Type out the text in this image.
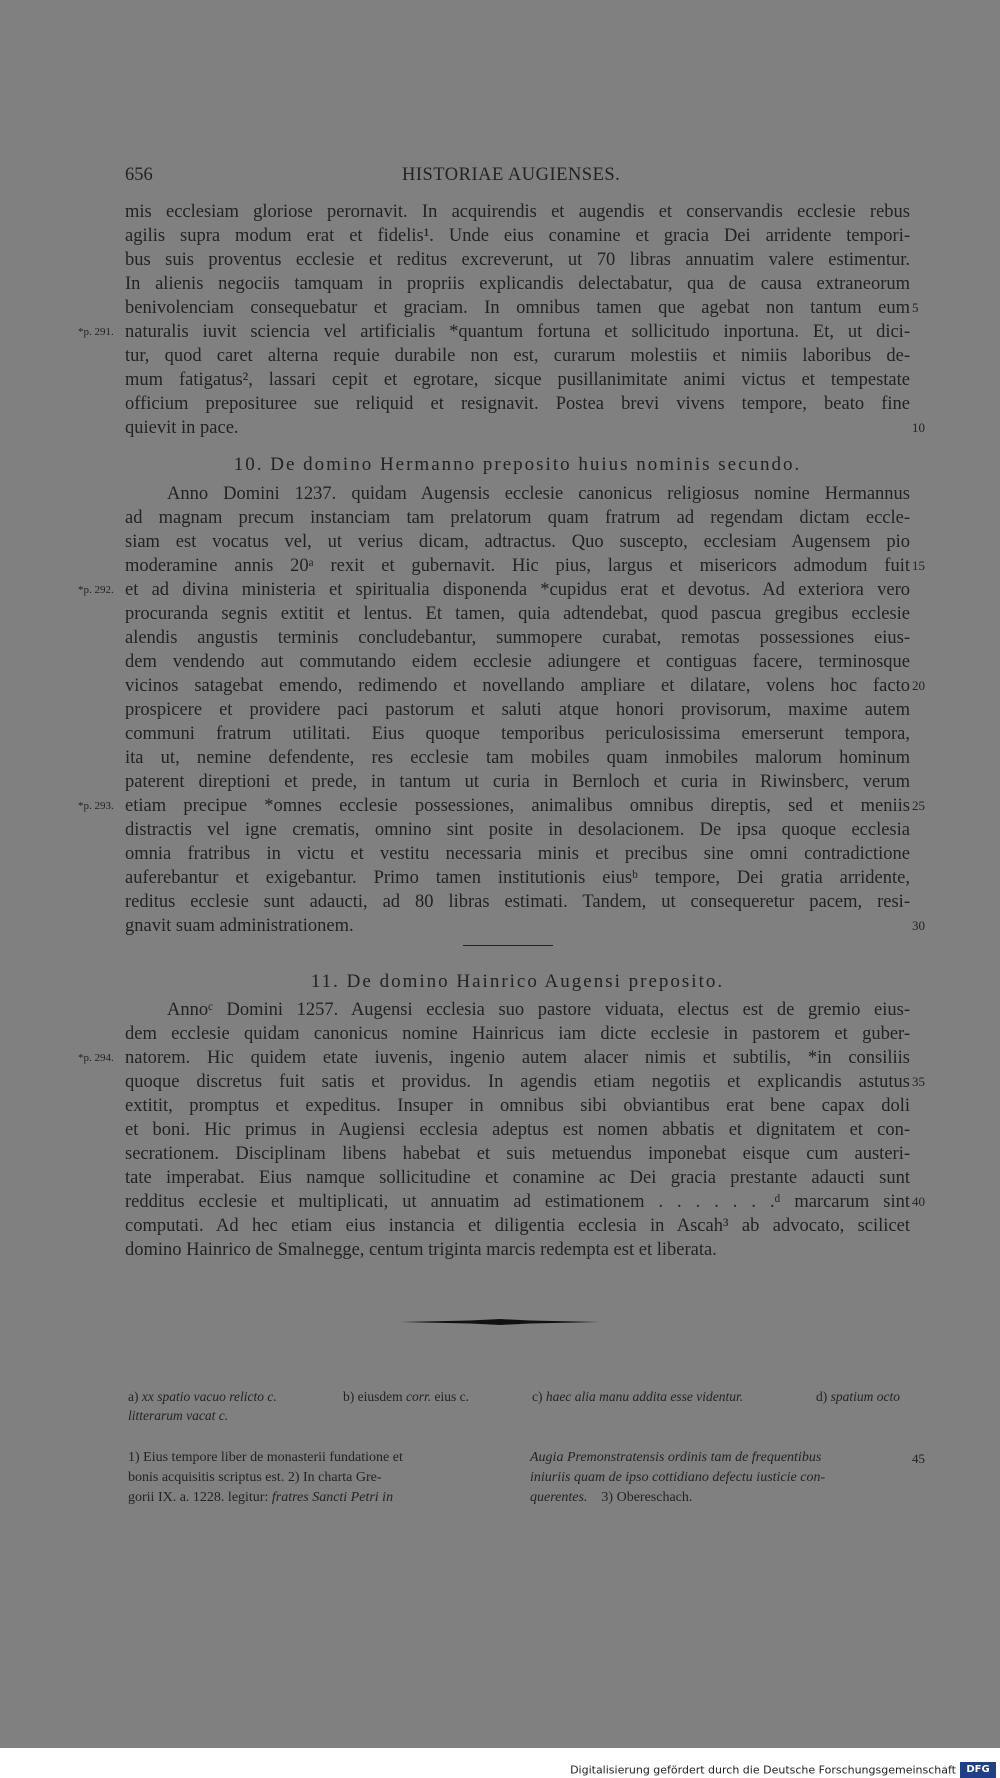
656	HISTORIAE AUGIENSES.
mis ecclesiam gloriose perornavit. In acquirendis et augendis et conservandis ecclesie rebus
agilis supra modum erat et fidelis¹. Unde eius conamine et gracia Dei arridente tempori-
bus suis proventus ecclesie et reditus excreverunt, ut 70 libras annuatim valere estimentur.
In alienis negociis tamquam in propriis explicandis delectabatur, qua de causa extraneorum
benivolenciam consequebatur et graciam. In omnibus tamen que agebat non tantum eum
naturalis iuvit sciencia vel artificialis *quantum fortuna et sollicitudo inportuna. Et, ut dici-
tur, quod caret alterna requie durabile non est, curarum molestiis et nimiis laboribus de-
mum fatigatus², lassari cepit et egrotare, sicque pusillanimitate animi victus et tempestate
officium preposituree sue reliquid et resignavit. Postea brevi vivens tempore, beato fine
quievit in pace.
10. De domino Hermanno preposito huius nominis secundo.
Anno Domini 1237. quidam Augensis ecclesie canonicus religiosus nomine Hermannus
ad magnam precum instanciam tam prelatorum quam fratrum ad regendam dictam eccle-
siam est vocatus vel, ut verius dicam, adtractus. Quo suscepto, ecclesiam Augensem pio
moderamine annis 20ᵃ rexit et gubernavit. Hic pius, largus et misericors admodum fuit
et ad divina ministeria et spiritualia disponenda *cupidus erat et devotus. Ad exteriora vero
procuranda segnis extitit et lentus. Et tamen, quia adtendebat, quod pascua gregibus ecclesie
alendis angustis terminis concludebantur, summopere curabat, remotas possessiones eius-
dem vendendo aut commutando eidem ecclesie adiungere et contiguas facere, terminosque
vicinos satagebat emendo, redimendo et novellando ampliare et dilatare, volens hoc facto
prospicere et providere paci pastorum et saluti atque honori provisorum, maxime autem
communi fratrum utilitati. Eius quoque temporibus periculosissima emerserunt tempora,
ita ut, nemine defendente, res ecclesie tam mobiles quam inmobiles malorum hominum
paterent direptioni et prede, in tantum ut curia in Bernloch et curia in Riwinsberc, verum
etiam precipue *omnes ecclesie possessiones, animalibus omnibus direptis, sed et meniis
distractis vel igne crematis, omnino sint posite in desolacionem. De ipsa quoque ecclesia
omnia fratribus in victu et vestitu necessaria minis et precibus sine omni contradictione
auferebantur et exigebantur. Primo tamen institutionis eiusᵇ tempore, Dei gratia arridente,
reditus ecclesie sunt adaucti, ad 80 libras estimati. Tandem, ut consequeretur pacem, resi-
gnavit suam administrationem.
11. De domino Hainrico Augensi preposito.
Annoᶜ Domini 1257. Augensi ecclesia suo pastore viduata, electus est de gremio eius-
dem ecclesie quidam canonicus nomine Hainricus iam dicte ecclesie in pastorem et guber-
natorem. Hic quidem etate iuvenis, ingenio autem alacer nimis et subtilis, *in consiliis
quoque discretus fuit satis et providus. In agendis etiam negotiis et explicandis astutus
extitit, promptus et expeditus. Insuper in omnibus sibi obviantibus erat bene capax doli
et boni. Hic primus in Augiensi ecclesia adeptus est nomen abbatis et dignitatem et con-
secrationem. Disciplinam libens habebat et suis metuendus imponebat eisque cum austeri-
tate imperabat. Eius namque sollicitudine et conamine ac Dei gracia prestante adaucti sunt
redditus ecclesie et multiplicati, ut annuatim ad estimationem . . . . . . .ᵈ marcarum sint
computati. Ad hec etiam eius instancia et diligentia ecclesia in Ascah³ ab advocato, scilicet
domino Hainrico de Smalnegge, centum triginta marcis redempta est et liberata.
5
10
15
20
25
30
35
40
45
*p. 291.
*p. 292.
*p. 293.
*p. 294.
a) xx spatio vacuo relicto c.	b) eiusdem corr. eius c.	c) haec alia manu addita esse videntur.	d) spatium octo
litterarum vacat c.
1) Eius tempore liber de monasterii fundatione et
bonis acquisitis scriptus est. 2) In charta Gre-
gorii IX. a. 1228. legitur: fratres Sancti Petri in
Augia Premonstratensis ordinis tam de frequentibus
iniuriis quam de ipso cottidiano defectu iusticie con-
querentes. 3) Obereschach.
Digitalisierung gefördert durch die Deutsche Forschungsgemeinschaft	DFG
